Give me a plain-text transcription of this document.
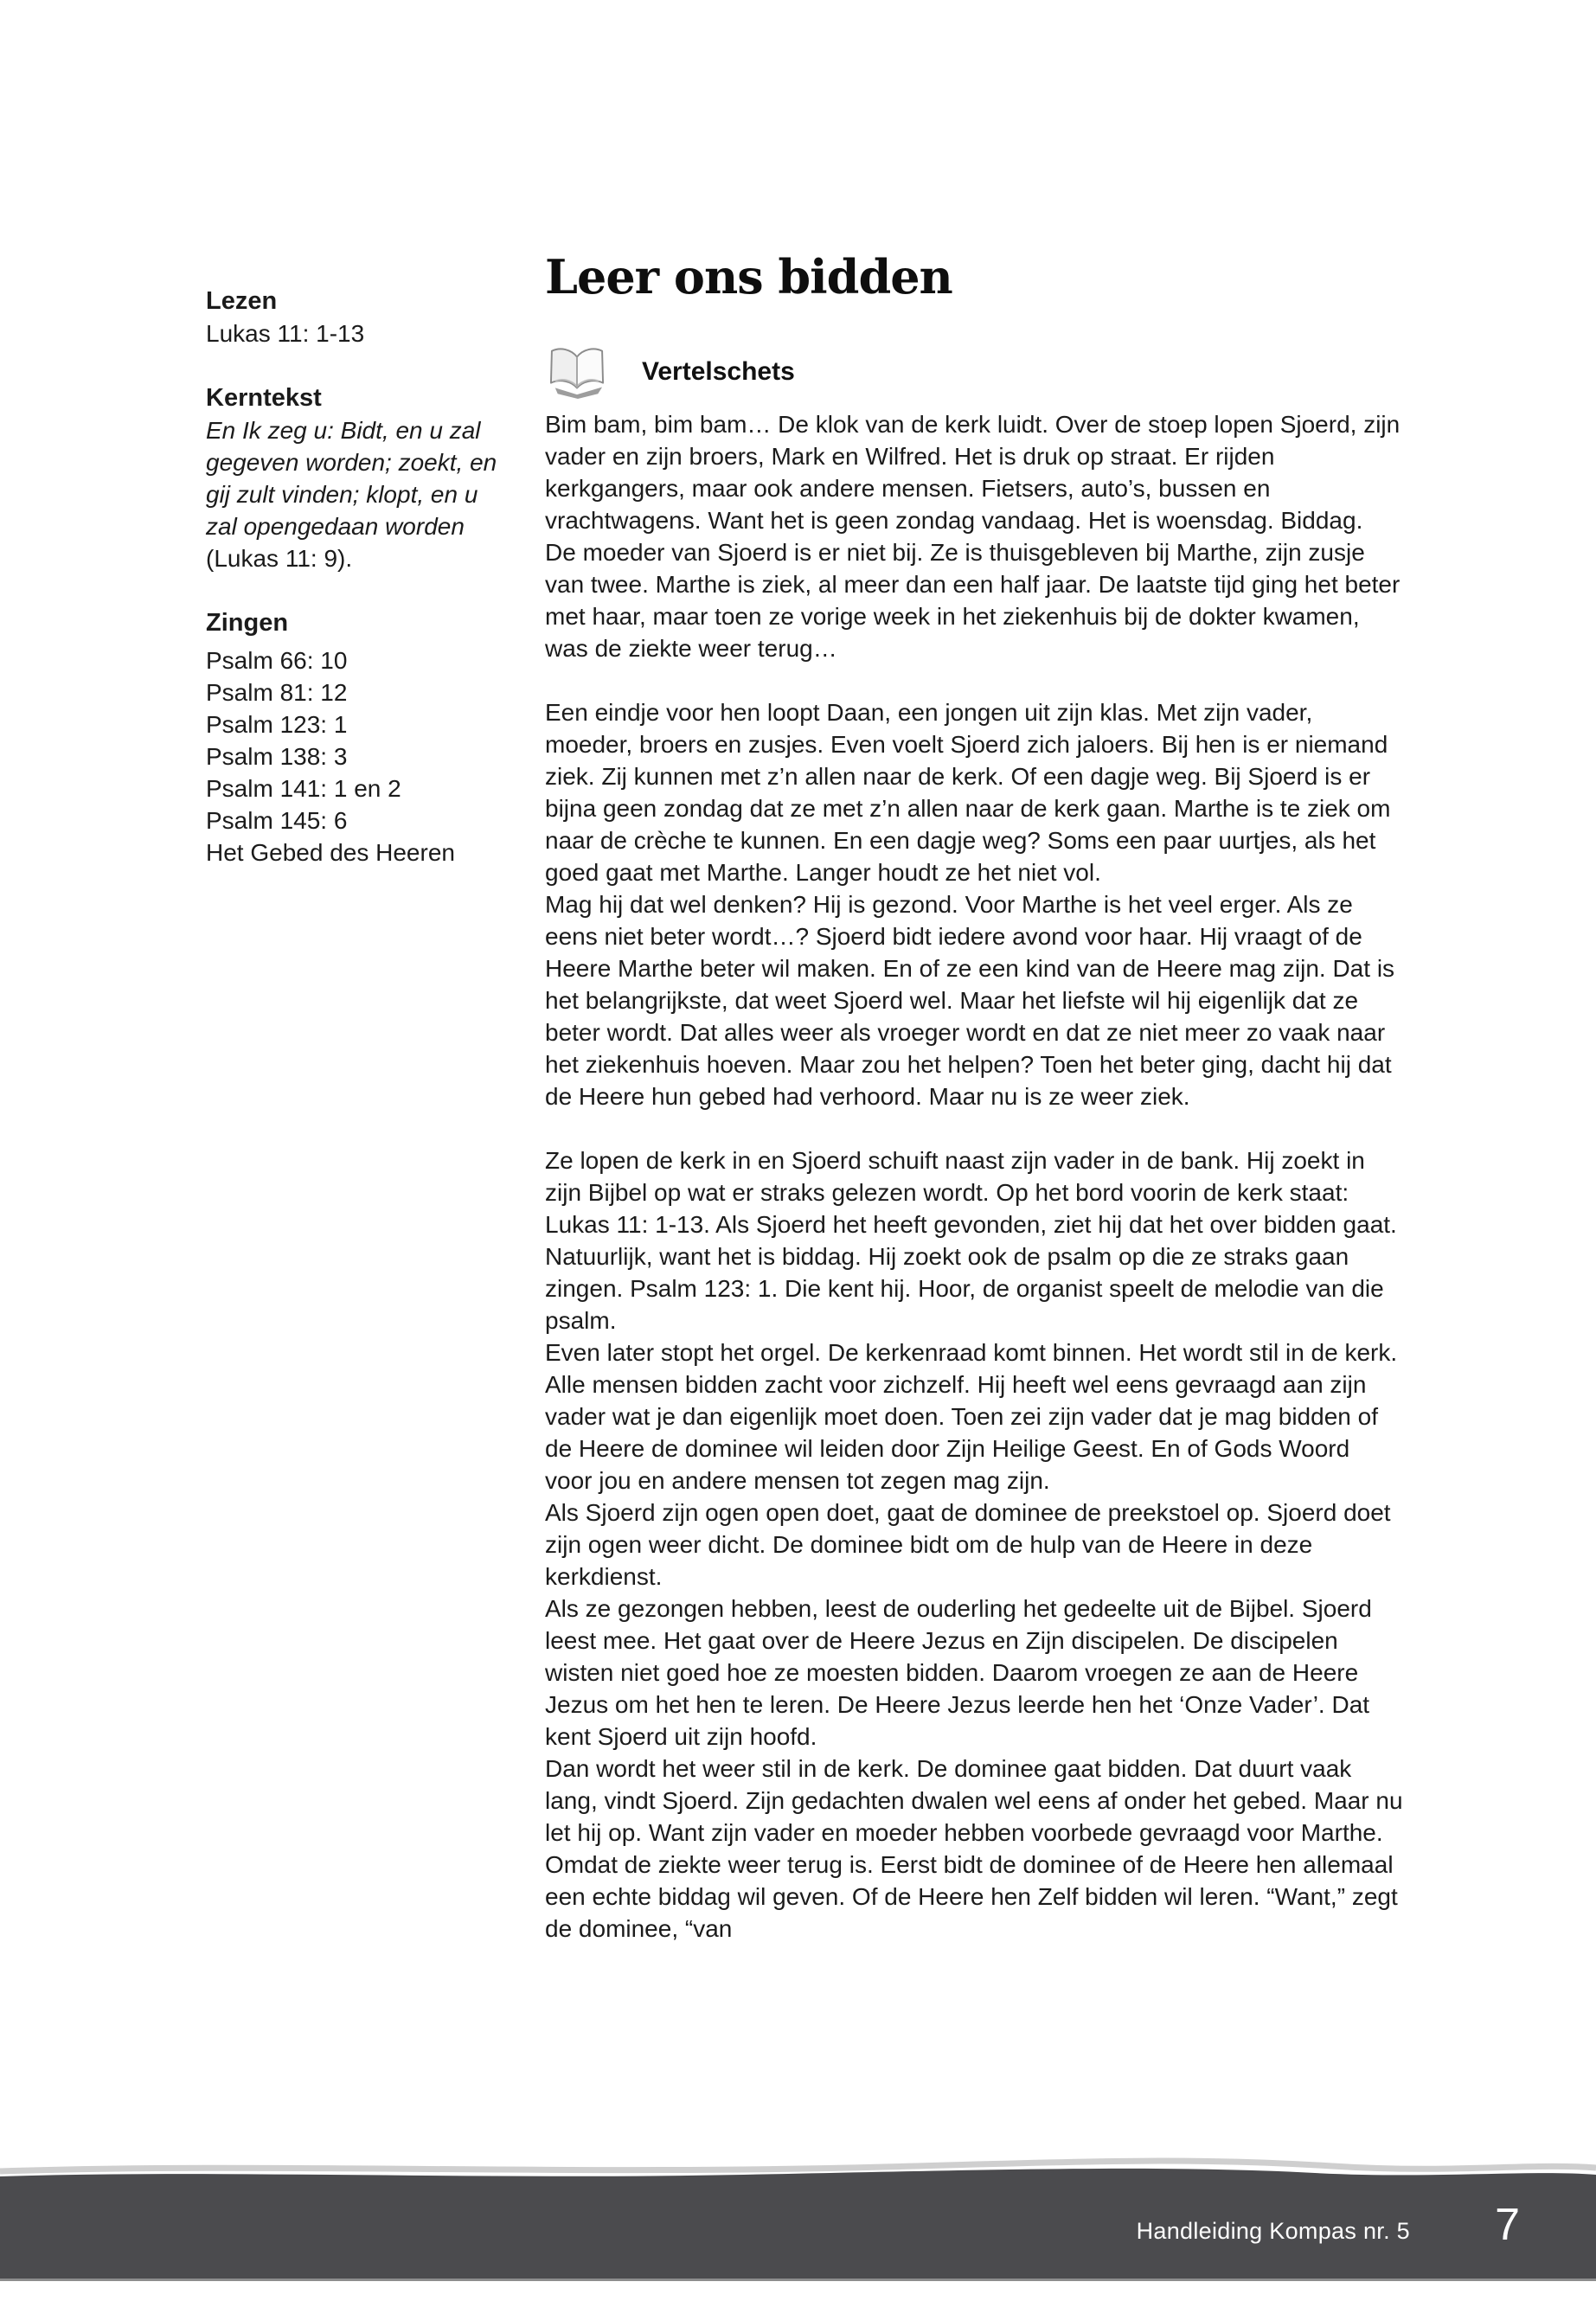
Lezen
Lukas 11: 1-13
Kerntekst
En Ik zeg u: Bidt, en u zal gegeven worden; zoekt, en gij zult vinden; klopt, en u zal opengedaan worden
(Lukas 11: 9).
Zingen
Psalm 66: 10
Psalm 81: 12
Psalm 123: 1
Psalm 138: 3
Psalm 141: 1 en 2
Psalm 145: 6
Het Gebed des Heeren
Leer ons bidden
Vertelschets
Bim bam, bim bam… De klok van de kerk luidt. Over de stoep lopen Sjoerd, zijn vader en zijn broers, Mark en Wilfred. Het is druk op straat. Er rijden kerkgangers, maar ook andere mensen. Fietsers, auto’s, bussen en vrachtwagens. Want het is geen zondag vandaag. Het is woensdag. Biddag.
De moeder van Sjoerd is er niet bij. Ze is thuisgebleven bij Marthe, zijn zusje van twee. Marthe is ziek, al meer dan een half jaar. De laatste tijd ging het beter met haar, maar toen ze vorige week in het ziekenhuis bij de dokter kwamen, was de ziekte weer terug…
Een eindje voor hen loopt Daan, een jongen uit zijn klas. Met zijn vader, moeder, broers en zusjes. Even voelt Sjoerd zich jaloers. Bij hen is er niemand ziek. Zij kunnen met z’n allen naar de kerk. Of een dagje weg. Bij Sjoerd is er bijna geen zondag dat ze met z’n allen naar de kerk gaan. Marthe is te ziek om naar de crèche te kunnen. En een dagje weg? Soms een paar uurtjes, als het goed gaat met Marthe. Langer houdt ze het niet vol.
Mag hij dat wel denken? Hij is gezond. Voor Marthe is het veel erger. Als ze eens niet beter wordt…? Sjoerd bidt iedere avond voor haar. Hij vraagt of de Heere Marthe beter wil maken. En of ze een kind van de Heere mag zijn. Dat is het belangrijkste, dat weet Sjoerd wel. Maar het liefste wil hij eigenlijk dat ze beter wordt. Dat alles weer als vroeger wordt en dat ze niet meer zo vaak naar het ziekenhuis hoeven. Maar zou het helpen? Toen het beter ging, dacht hij dat de Heere hun gebed had verhoord. Maar nu is ze weer ziek.
Ze lopen de kerk in en Sjoerd schuift naast zijn vader in de bank. Hij zoekt in zijn Bijbel op wat er straks gelezen wordt. Op het bord voorin de kerk staat: Lukas 11: 1-13. Als Sjoerd het heeft gevonden, ziet hij dat het over bidden gaat. Natuurlijk, want het is biddag. Hij zoekt ook de psalm op die ze straks gaan zingen. Psalm 123: 1. Die kent hij. Hoor, de organist speelt de melodie van die psalm.
Even later stopt het orgel. De kerkenraad komt binnen. Het wordt stil in de kerk. Alle mensen bidden zacht voor zichzelf. Hij heeft wel eens gevraagd aan zijn vader wat je dan eigenlijk moet doen. Toen zei zijn vader dat je mag bidden of de Heere de dominee wil leiden door Zijn Heilige Geest. En of Gods Woord voor jou en andere mensen tot zegen mag zijn.
Als Sjoerd zijn ogen open doet, gaat de dominee de preekstoel op. Sjoerd doet zijn ogen weer dicht. De dominee bidt om de hulp van de Heere in deze kerkdienst.
Als ze gezongen hebben, leest de ouderling het gedeelte uit de Bijbel. Sjoerd leest mee. Het gaat over de Heere Jezus en Zijn discipelen. De discipelen wisten niet goed hoe ze moesten bidden. Daarom vroegen ze aan de Heere Jezus om het hen te leren. De Heere Jezus leerde hen het ‘Onze Vader’. Dat kent Sjoerd uit zijn hoofd.
Dan wordt het weer stil in de kerk. De dominee gaat bidden. Dat duurt vaak lang, vindt Sjoerd. Zijn gedachten dwalen wel eens af onder het gebed. Maar nu let hij op. Want zijn vader en moeder hebben voorbede gevraagd voor Marthe. Omdat de ziekte weer terug is. Eerst bidt de dominee of de Heere hen allemaal een echte biddag wil geven. Of de Heere hen Zelf bidden wil leren. “Want,” zegt de dominee, “van
Handleiding Kompas nr. 5 7
